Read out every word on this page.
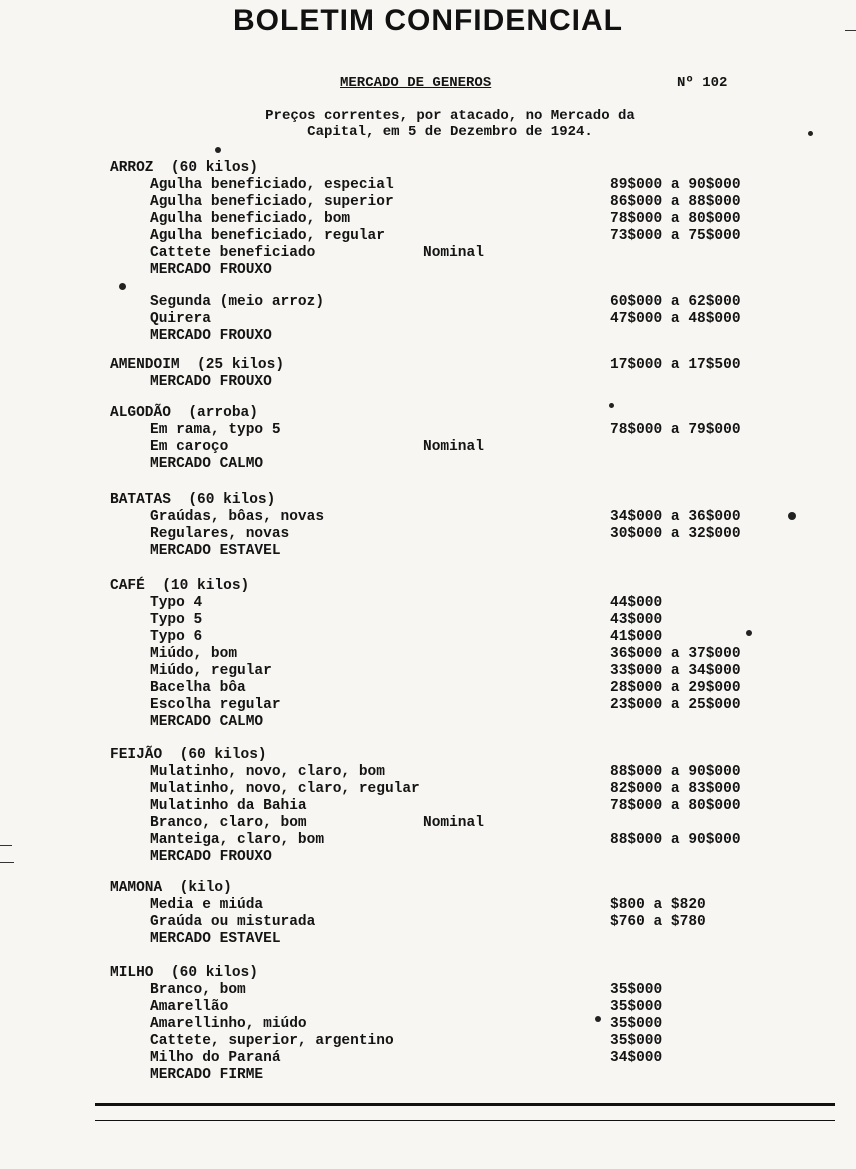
BOLETIM CONFIDENCIAL
MERCADO DE GENEROS	Nº 102
Preços correntes, por atacado, no Mercado da
Capital, em 5 de Dezembro de 1924.
ARROZ  (60 kilos)
Agulha beneficiado, especial	89$000 a 90$000
Agulha beneficiado, superior	86$000 a 88$000
Agulha beneficiado, bom	78$000 a 80$000
Agulha beneficiado, regular	73$000 a 75$000
Cattete beneficiado	Nominal
MERCADO FROUXO
Segunda (meio arroz)	60$000 a 62$000
Quirera	47$000 a 48$000
MERCADO FROUXO
AMENDOIM  (25 kilos)	17$000 a 17$500
MERCADO FROUXO
ALGODÃO  (arroba)
Em rama, typo 5	78$000 a 79$000
Em caroço	Nominal
MERCADO CALMO
BATATAS  (60 kilos)
Graúdas, bôas, novas	34$000 a 36$000
Regulares, novas	30$000 a 32$000
MERCADO ESTAVEL
CAFÉ  (10 kilos)
Typo 4	44$000
Typo 5	43$000
Typo 6	41$000
Miúdo, bom	36$000 a 37$000
Miúdo, regular	33$000 a 34$000
Bacelha bôa	28$000 a 29$000
Escolha regular	23$000 a 25$000
MERCADO CALMO
FEIJÃO  (60 kilos)
Mulatinho, novo, claro, bom	88$000 a 90$000
Mulatinho, novo, claro, regular	82$000 a 83$000
Mulatinho da Bahia	78$000 a 80$000
Branco, claro, bom	Nominal
Manteiga, claro, bom	88$000 a 90$000
MERCADO FROUXO
MAMONA  (kilo)
Media e miúda	$800 a $820
Graúda ou misturada	$760 a $780
MERCADO ESTAVEL
MILHO  (60 kilos)
Branco, bom	35$000
Amarellão	35$000
Amarellinho, miúdo	35$000
Cattete, superior, argentino	35$000
Milho do Paraná	34$000
MERCADO FIRME
